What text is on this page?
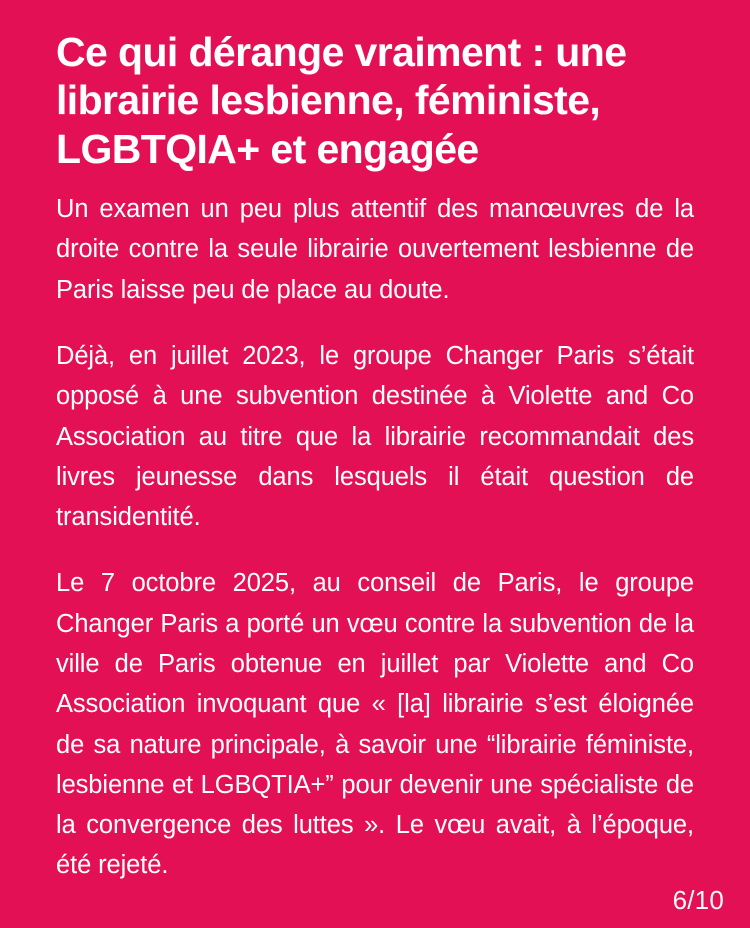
Ce qui dérange vraiment : une librairie lesbienne, féministe, LGBTQIA+ et engagée

Un examen un peu plus attentif des manœuvres de la droite contre la seule librairie ouvertement lesbienne de Paris laisse peu de place au doute.

Déjà, en juillet 2023, le groupe Changer Paris s’était opposé à une subvention destinée à Violette and Co Association au titre que la librairie recommandait des livres jeunesse dans lesquels il était question de transidentité.

Le 7 octobre 2025, au conseil de Paris, le groupe Changer Paris a porté un vœu contre la subvention de la ville de Paris obtenue en juillet par Violette and Co Association invoquant que « [la] librairie s’est éloignée de sa nature principale, à savoir une “librairie féministe, lesbienne et LGBQTIA+” pour devenir une spécialiste de la convergence des luttes ». Le vœu avait, à l’époque, été rejeté.

6/10
